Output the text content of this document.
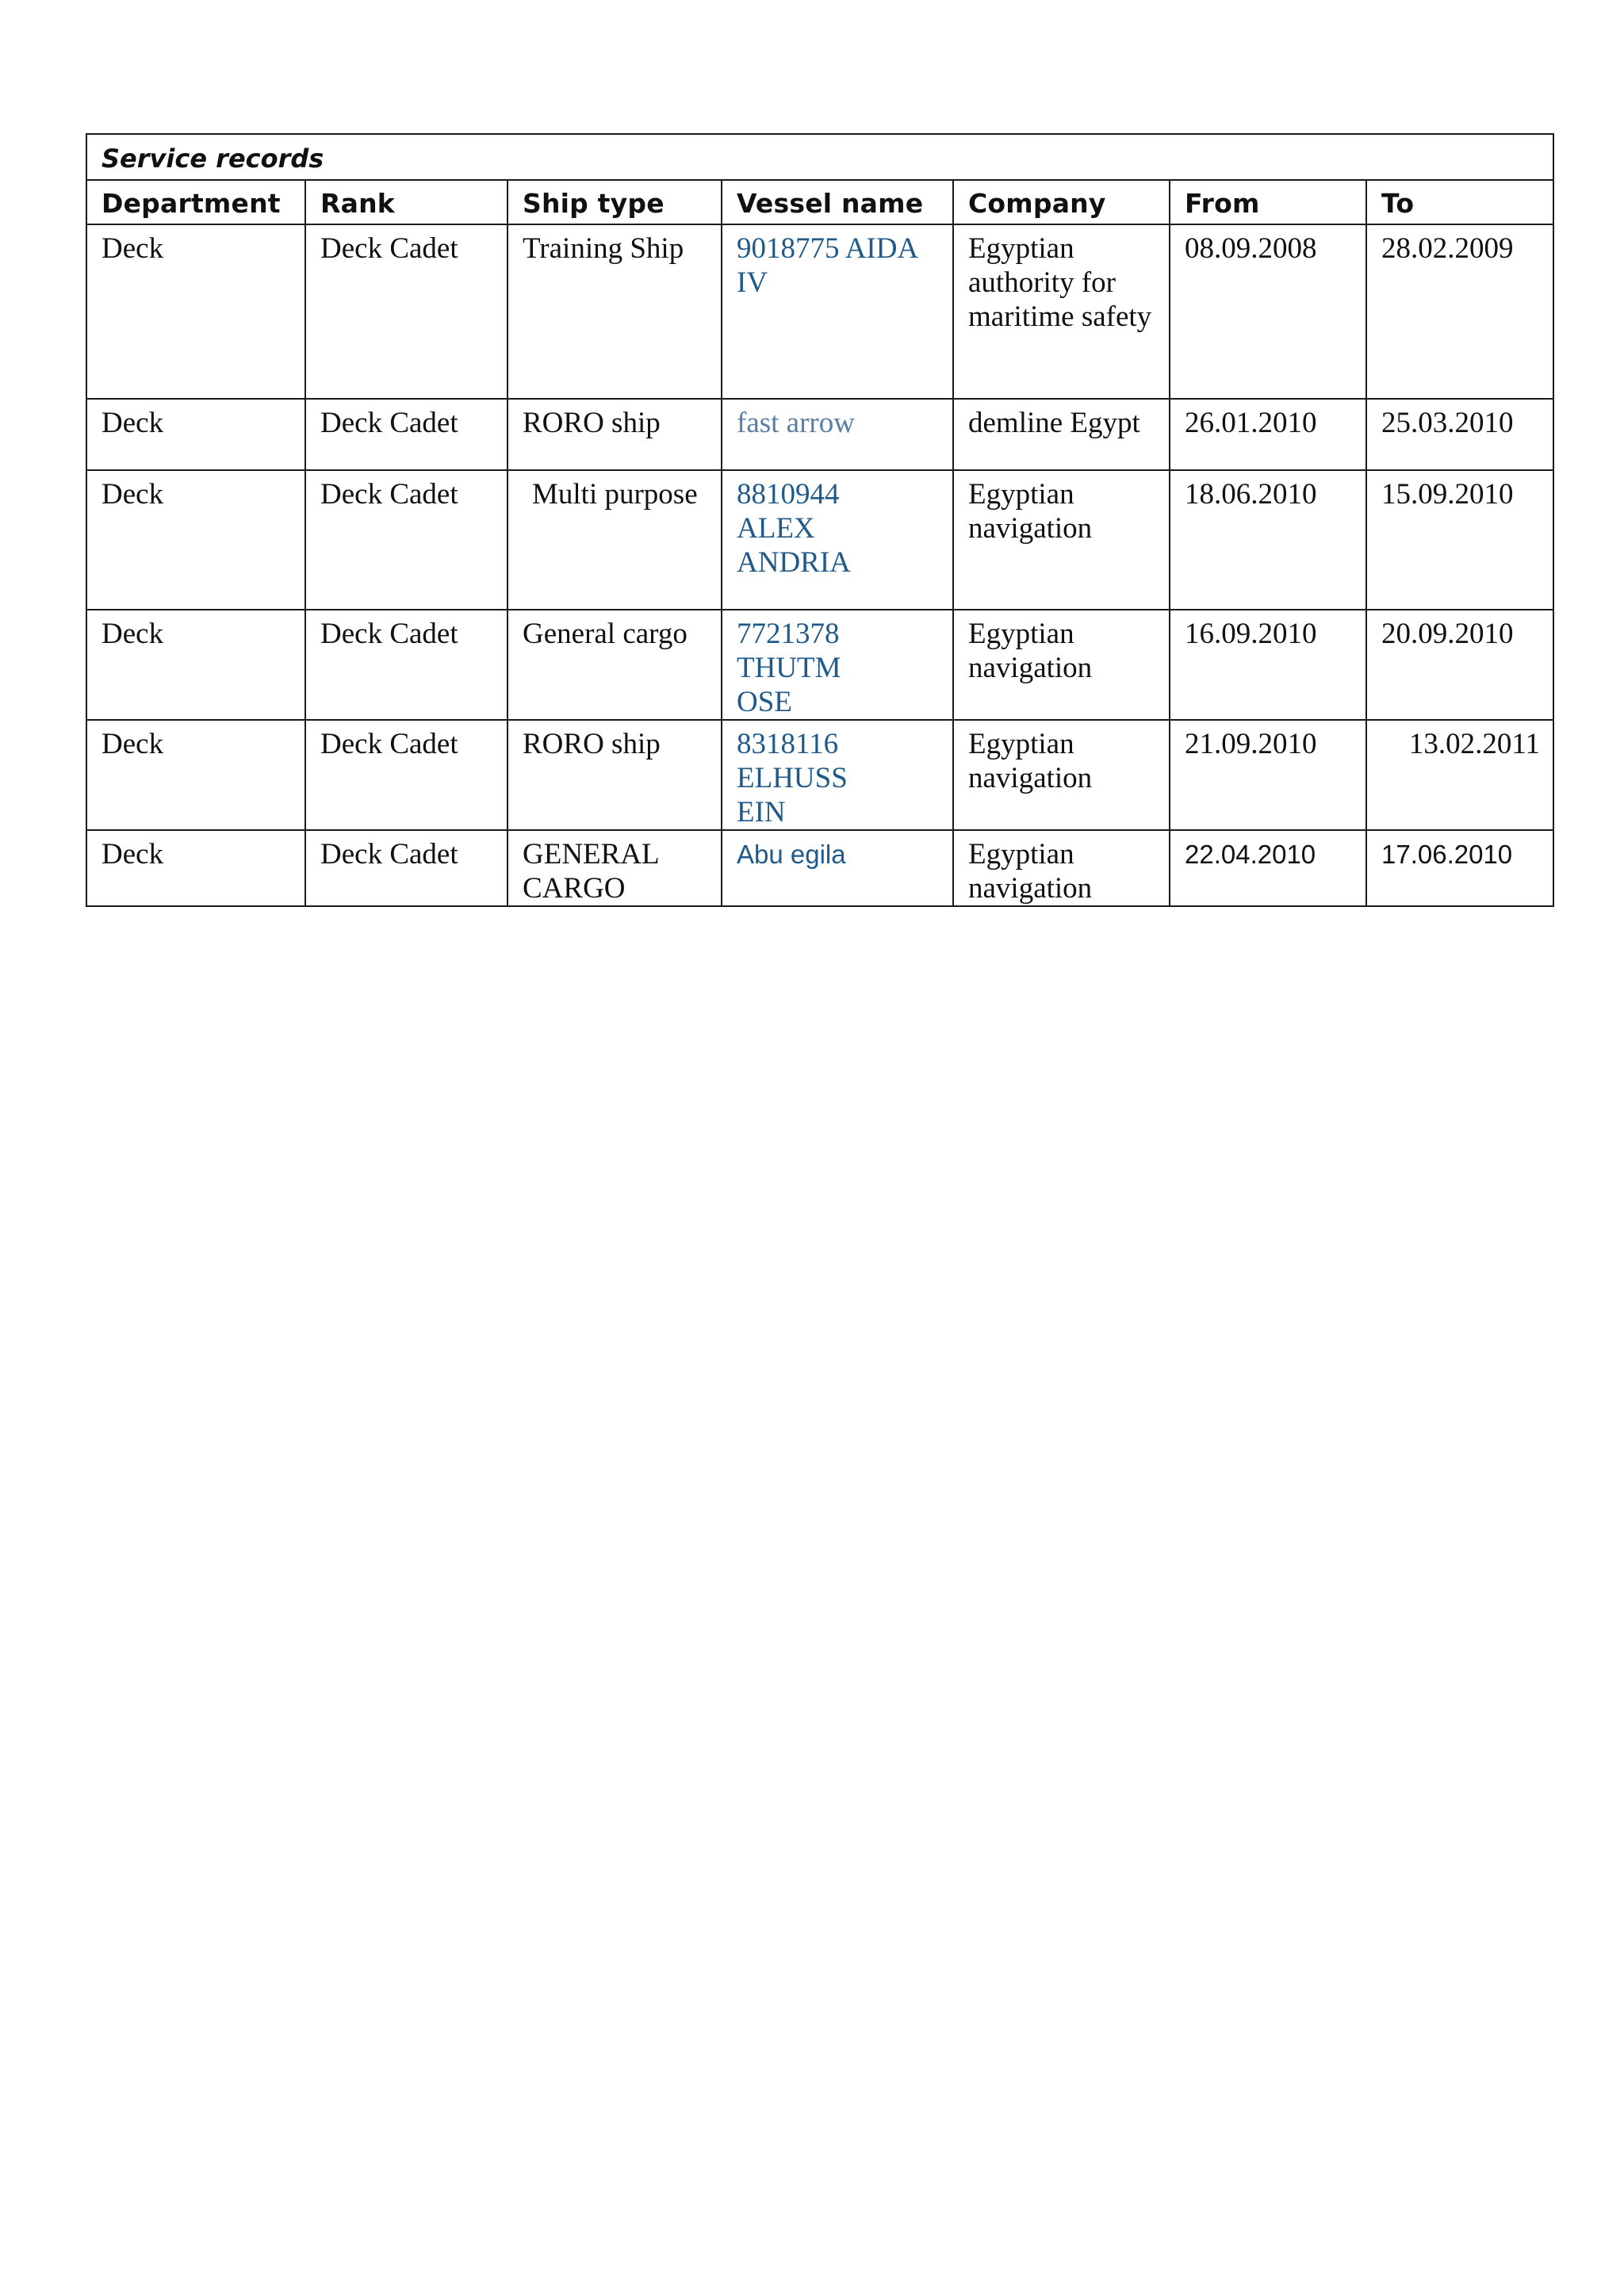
Service records						
Department	Rank	Ship type	Vessel name	Company	From	To
Deck	Deck Cadet	Training Ship	9018775 AIDA IV	Egyptian authority for maritime safety	08.09.2008	28.02.2009
Deck	Deck Cadet	RORO ship	fast arrow	demline Egypt	26.01.2010	25.03.2010
Deck	Deck Cadet	Multi purpose	8810944 ALEX ANDRIA	Egyptian navigation	18.06.2010	15.09.2010
Deck	Deck Cadet	General cargo	7721378 THUTMOSE	Egyptian navigation	16.09.2010	20.09.2010
Deck	Deck Cadet	RORO ship	8318116 ELHUSSEIN	Egyptian navigation	21.09.2010	13.02.2011
Deck	Deck Cadet	GENERAL CARGO	Abu egila	Egyptian navigation	22.04.2010	17.06.2010
